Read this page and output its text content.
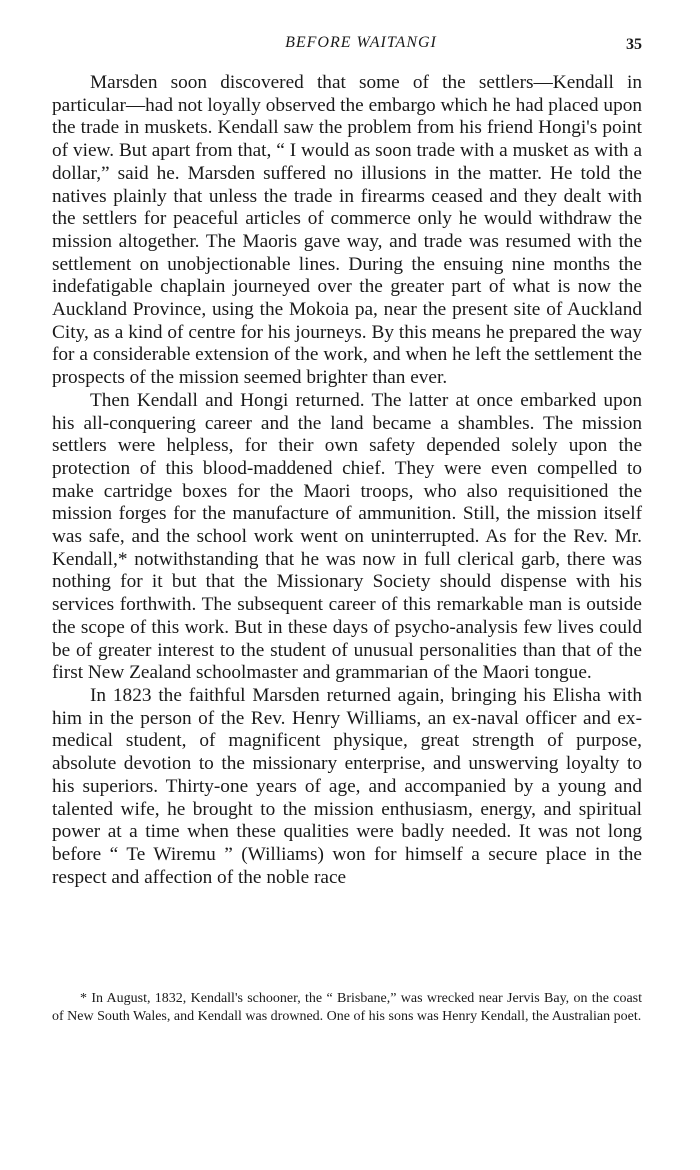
BEFORE WAITANGI	35

Marsden soon discovered that some of the settlers—Kendall in particular—had not loyally observed the embargo which he had placed upon the trade in muskets. Kendall saw the problem from his friend Hongi's point of view. But apart from that, “ I would as soon trade with a musket as with a dollar,” said he. Marsden suffered no illusions in the matter. He told the natives plainly that unless the trade in firearms ceased and they dealt with the settlers for peaceful articles of commerce only he would withdraw the mission altogether. The Maoris gave way, and trade was resumed with the settlement on unobjectionable lines. During the ensuing nine months the indefatigable chaplain journeyed over the greater part of what is now the Auckland Province, using the Mokoia pa, near the present site of Auckland City, as a kind of centre for his journeys. By this means he prepared the way for a considerable extension of the work, and when he left the settlement the prospects of the mission seemed brighter than ever.

Then Kendall and Hongi returned. The latter at once embarked upon his all-conquering career and the land became a shambles. The mission settlers were helpless, for their own safety depended solely upon the protection of this blood-maddened chief. They were even compelled to make cartridge boxes for the Maori troops, who also requisitioned the mission forges for the manufacture of ammunition. Still, the mission itself was safe, and the school work went on uninterrupted. As for the Rev. Mr. Kendall,* notwithstanding that he was now in full clerical garb, there was nothing for it but that the Missionary Society should dispense with his services forthwith. The subsequent career of this remarkable man is outside the scope of this work. But in these days of psycho-analysis few lives could be of greater interest to the student of unusual personalities than that of the first New Zealand schoolmaster and grammarian of the Maori tongue.

In 1823 the faithful Marsden returned again, bringing his Elisha with him in the person of the Rev. Henry Williams, an ex-naval officer and ex-medical student, of magnificent physique, great strength of purpose, absolute devotion to the missionary enterprise, and unswerving loyalty to his superiors. Thirty-one years of age, and accompanied by a young and talented wife, he brought to the mission enthusiasm, energy, and spiritual power at a time when these qualities were badly needed. It was not long before “ Te Wiremu ” (Williams) won for himself a secure place in the respect and affection of the noble race

* In August, 1832, Kendall's schooner, the “ Brisbane,” was wrecked near Jervis Bay, on the coast of New South Wales, and Kendall was drowned. One of his sons was Henry Kendall, the Australian poet.
